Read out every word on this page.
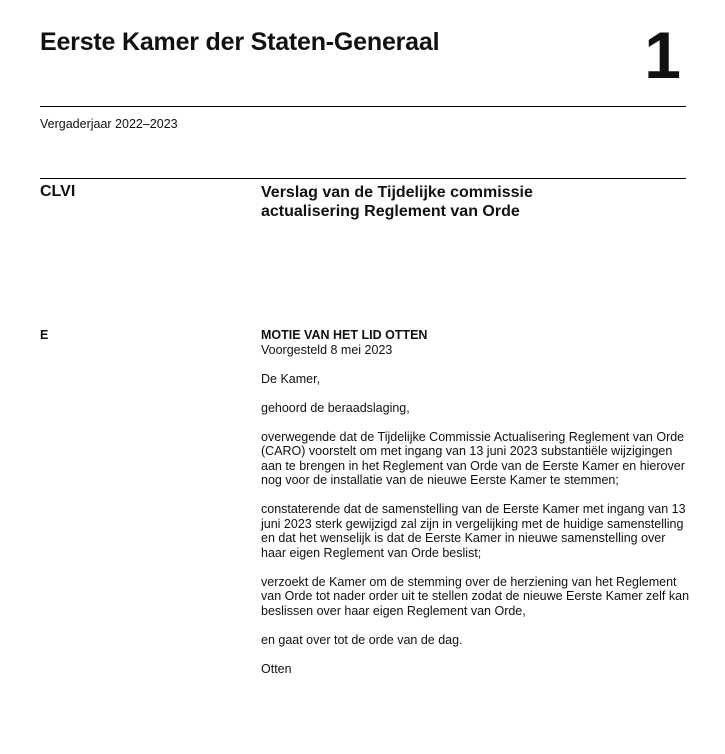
Eerste Kamer der Staten-Generaal	1
Vergaderjaar 2022–2023
CLVI	Verslag van de Tijdelijke commissie
actualisering Reglement van Orde
E	MOTIE VAN HET LID OTTEN
Voorgesteld 8 mei 2023

De Kamer,

gehoord de beraadslaging,

overwegende dat de Tijdelijke Commissie Actualisering Reglement van Orde (CARO) voorstelt om met ingang van 13 juni 2023 substantiële wijzigingen aan te brengen in het Reglement van Orde van de Eerste Kamer en hierover nog voor de installatie van de nieuwe Eerste Kamer te stemmen;

constaterende dat de samenstelling van de Eerste Kamer met ingang van 13 juni 2023 sterk gewijzigd zal zijn in vergelijking met de huidige samenstelling en dat het wenselijk is dat de Eerste Kamer in nieuwe samenstelling over haar eigen Reglement van Orde beslist;

verzoekt de Kamer om de stemming over de herziening van het Reglement van Orde tot nader order uit te stellen zodat de nieuwe Eerste Kamer zelf kan beslissen over haar eigen Reglement van Orde,

en gaat over tot de orde van de dag.

Otten
